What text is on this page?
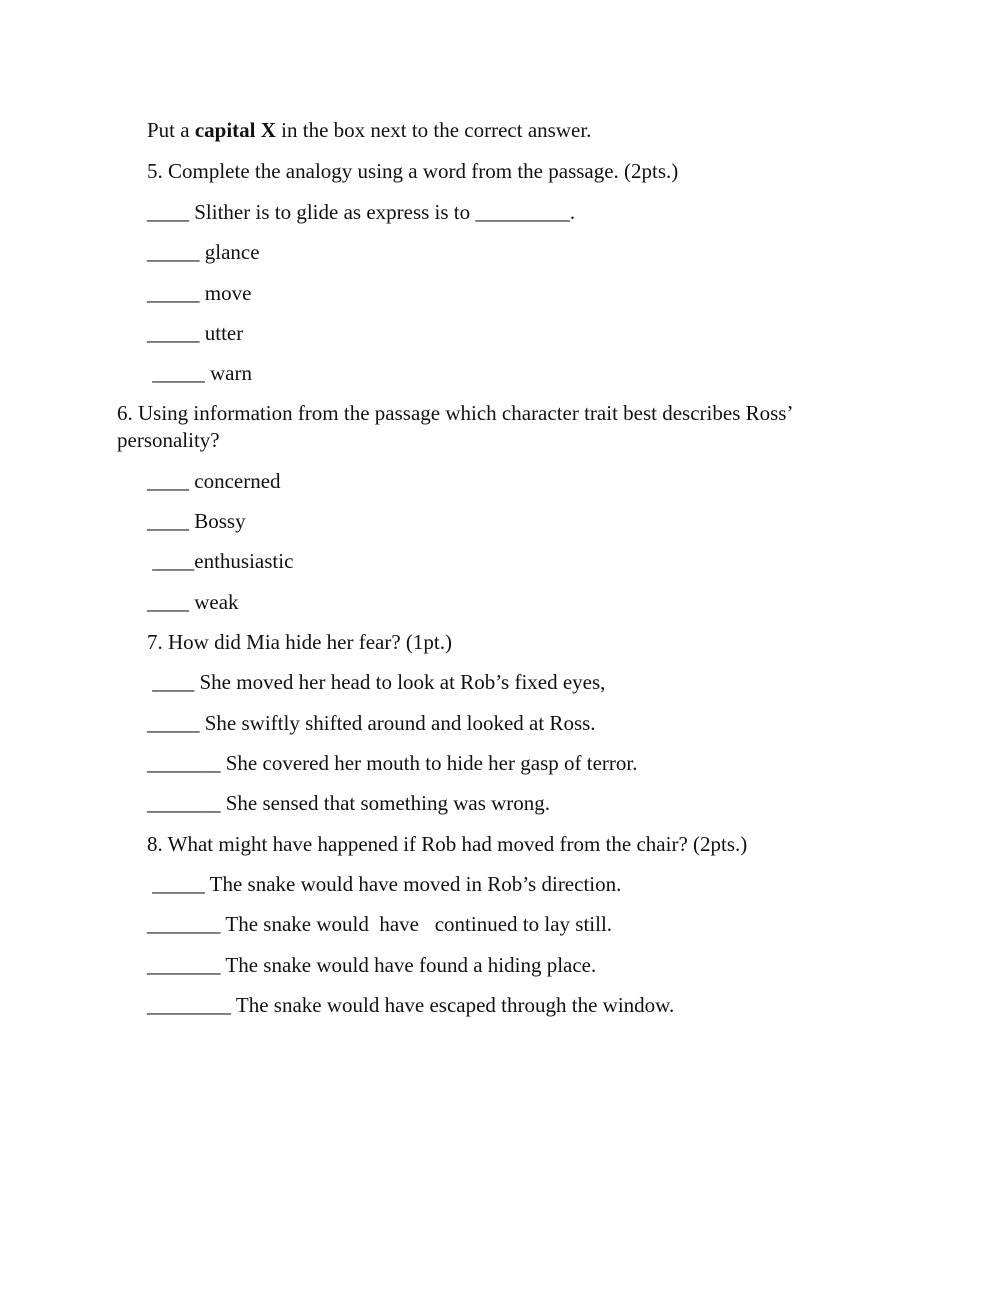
Put a capital X in the box next to the correct answer.
5. Complete the analogy using a word from the passage. (2pts.)
____ Slither is to glide as express is to _________.
_____ glance
_____ move
_____ utter
_____ warn
6. Using information from the passage which character trait best describes Ross’ personality?
____ concerned
____ Bossy
____enthusiastic
____ weak
7. How did Mia hide her fear? (1pt.)
____ She moved her head to look at Rob’s fixed eyes,
_____ She swiftly shifted around and looked at Ross.
_______ She covered her mouth to hide her gasp of terror.
_______ She sensed that something was wrong.
8. What might have happened if Rob had moved from the chair? (2pts.)
_____ The snake would have moved in Rob’s direction.
_______ The snake would  have   continued to lay still.
_______ The snake would have found a hiding place.
________ The snake would have escaped through the window.
